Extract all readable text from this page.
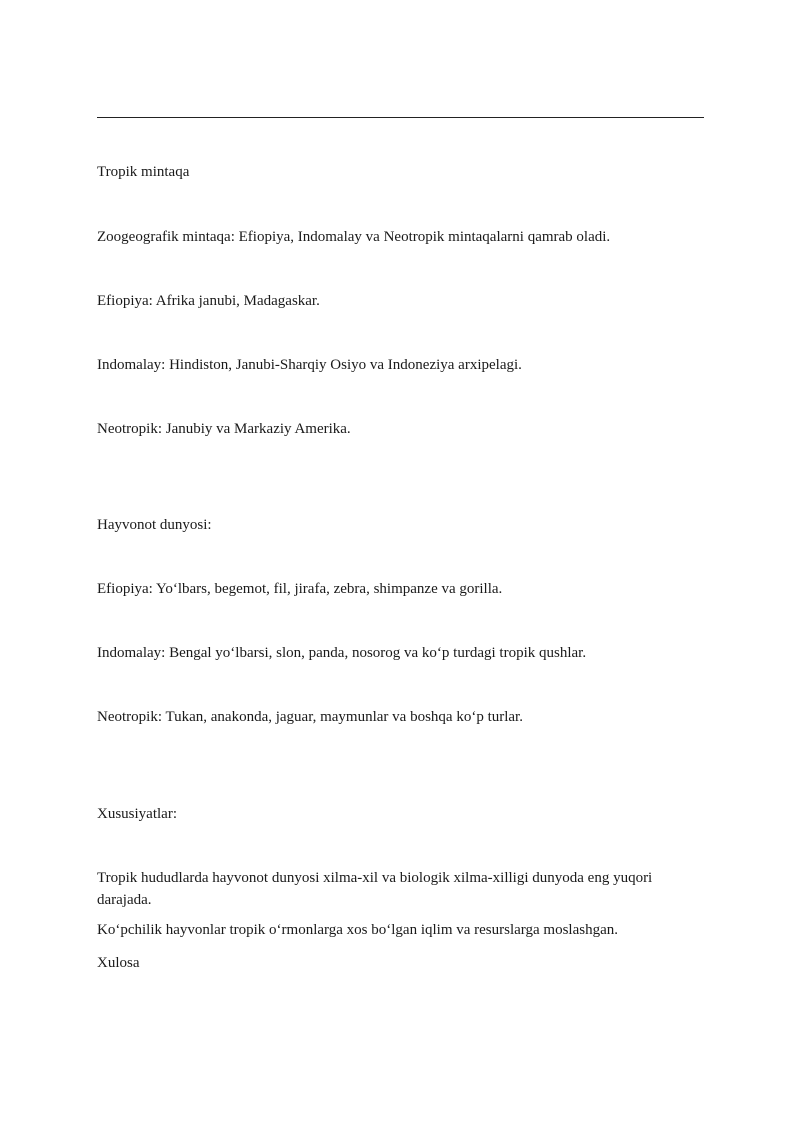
Tropik mintaqa

Zoogeografik mintaqa: Efiopiya, Indomalay va Neotropik mintaqalarni qamrab oladi.

Efiopiya: Afrika janubi, Madagaskar.

Indomalay: Hindiston, Janubi-Sharqiy Osiyo va Indoneziya arxipelagi.

Neotropik: Janubiy va Markaziy Amerika.

Hayvonot dunyosi:

Efiopiya: Yoʻlbars, begemot, fil, jirafa, zebra, shimpanze va gorilla.

Indomalay: Bengal yoʻlbarsi, slon, panda, nosorog va koʻp turdagi tropik qushlar.

Neotropik: Tukan, anakonda, jaguar, maymunlar va boshqa koʻp turlar.

Xususiyatlar:

Tropik hududlarda hayvonot dunyosi xilma-xil va biologik xilma-xilligi dunyoda eng yuqori darajada.

Koʻpchilik hayvonlar tropik oʻrmonlarga xos boʻlgan iqlim va resurslarga moslashgan.

Xulosa
